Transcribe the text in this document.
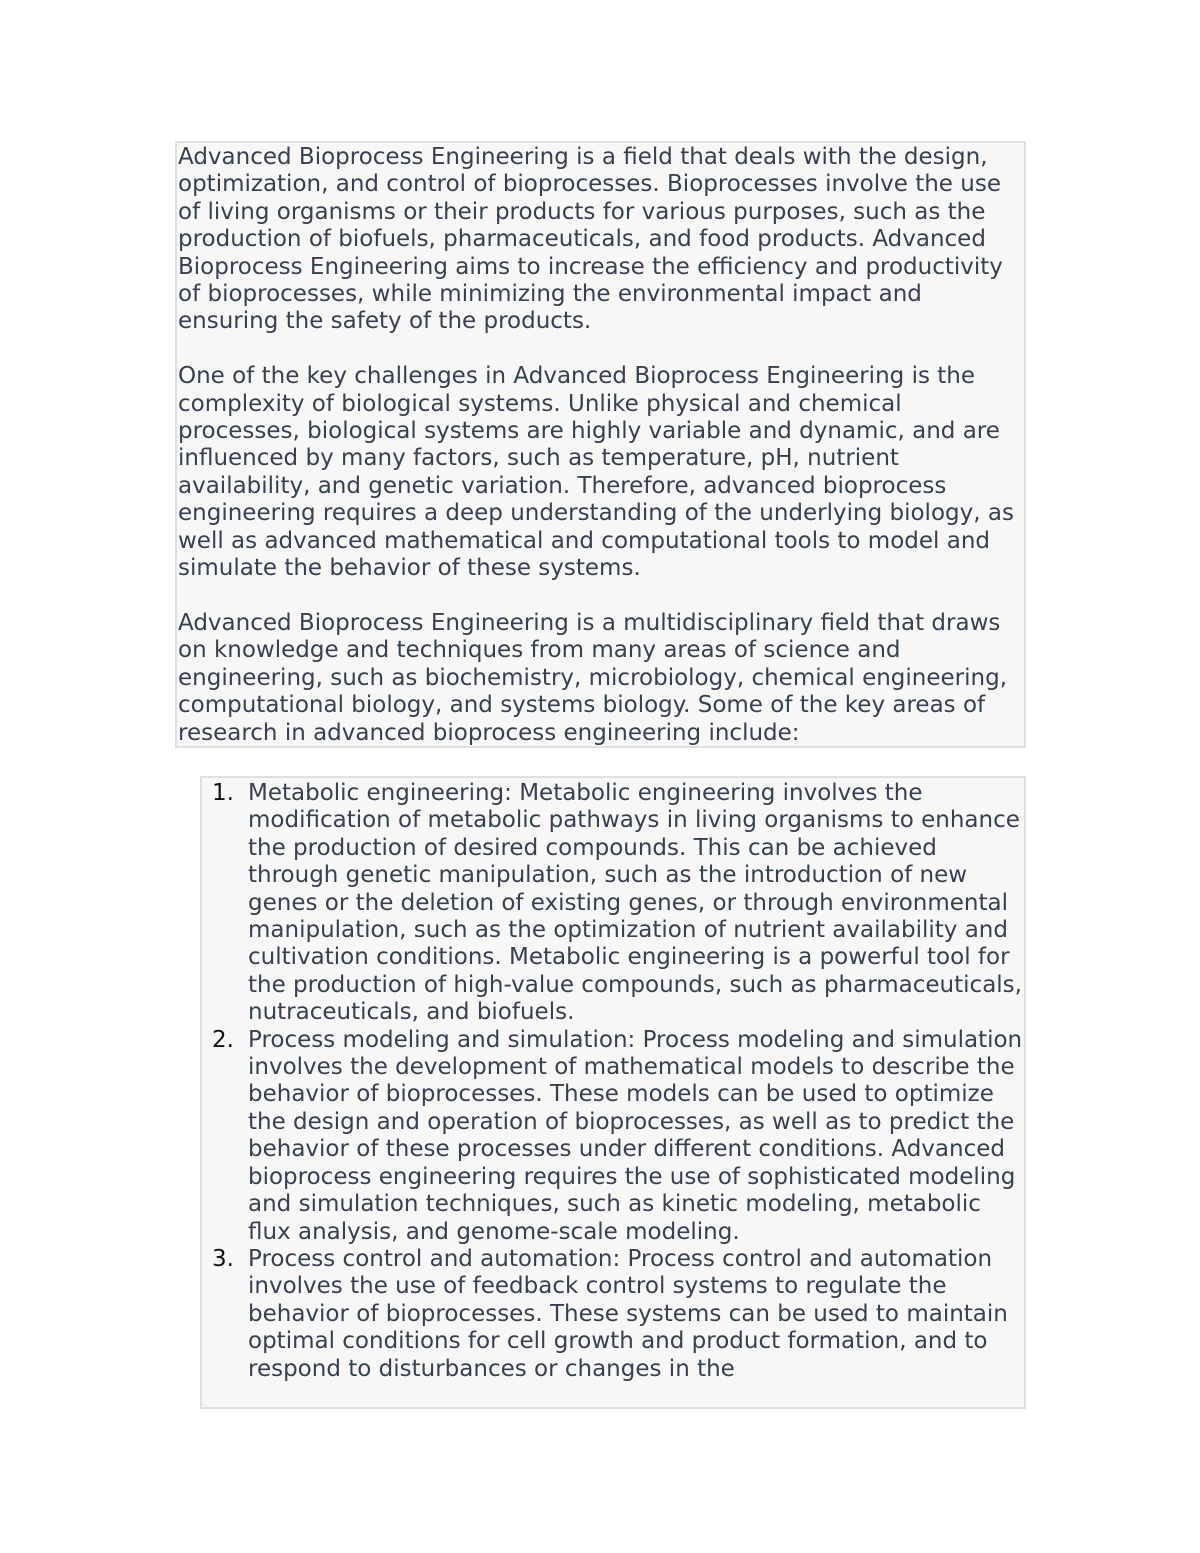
Advanced Bioprocess Engineering is a field that deals with the design, optimization, and control of bioprocesses. Bioprocesses involve the use of living organisms or their products for various purposes, such as the production of biofuels, pharmaceuticals, and food products. Advanced Bioprocess Engineering aims to increase the efficiency and productivity of bioprocesses, while minimizing the environmental impact and ensuring the safety of the products.

One of the key challenges in Advanced Bioprocess Engineering is the complexity of biological systems. Unlike physical and chemical processes, biological systems are highly variable and dynamic, and are influenced by many factors, such as temperature, pH, nutrient availability, and genetic variation. Therefore, advanced bioprocess engineering requires a deep understanding of the underlying biology, as well as advanced mathematical and computational tools to model and simulate the behavior of these systems.

Advanced Bioprocess Engineering is a multidisciplinary field that draws on knowledge and techniques from many areas of science and engineering, such as biochemistry, microbiology, chemical engineering, computational biology, and systems biology. Some of the key areas of research in advanced bioprocess engineering include:

1. Metabolic engineering: Metabolic engineering involves the modification of metabolic pathways in living organisms to enhance the production of desired compounds. This can be achieved through genetic manipulation, such as the introduction of new genes or the deletion of existing genes, or through environmental manipulation, such as the optimization of nutrient availability and cultivation conditions. Metabolic engineering is a powerful tool for the production of high-value compounds, such as pharmaceuticals, nutraceuticals, and biofuels.
2. Process modeling and simulation: Process modeling and simulation involves the development of mathematical models to describe the behavior of bioprocesses. These models can be used to optimize the design and operation of bioprocesses, as well as to predict the behavior of these processes under different conditions. Advanced bioprocess engineering requires the use of sophisticated modeling and simulation techniques, such as kinetic modeling, metabolic flux analysis, and genome-scale modeling.
3. Process control and automation: Process control and automation involves the use of feedback control systems to regulate the behavior of bioprocesses. These systems can be used to maintain optimal conditions for cell growth and product formation, and to respond to disturbances or changes in the
